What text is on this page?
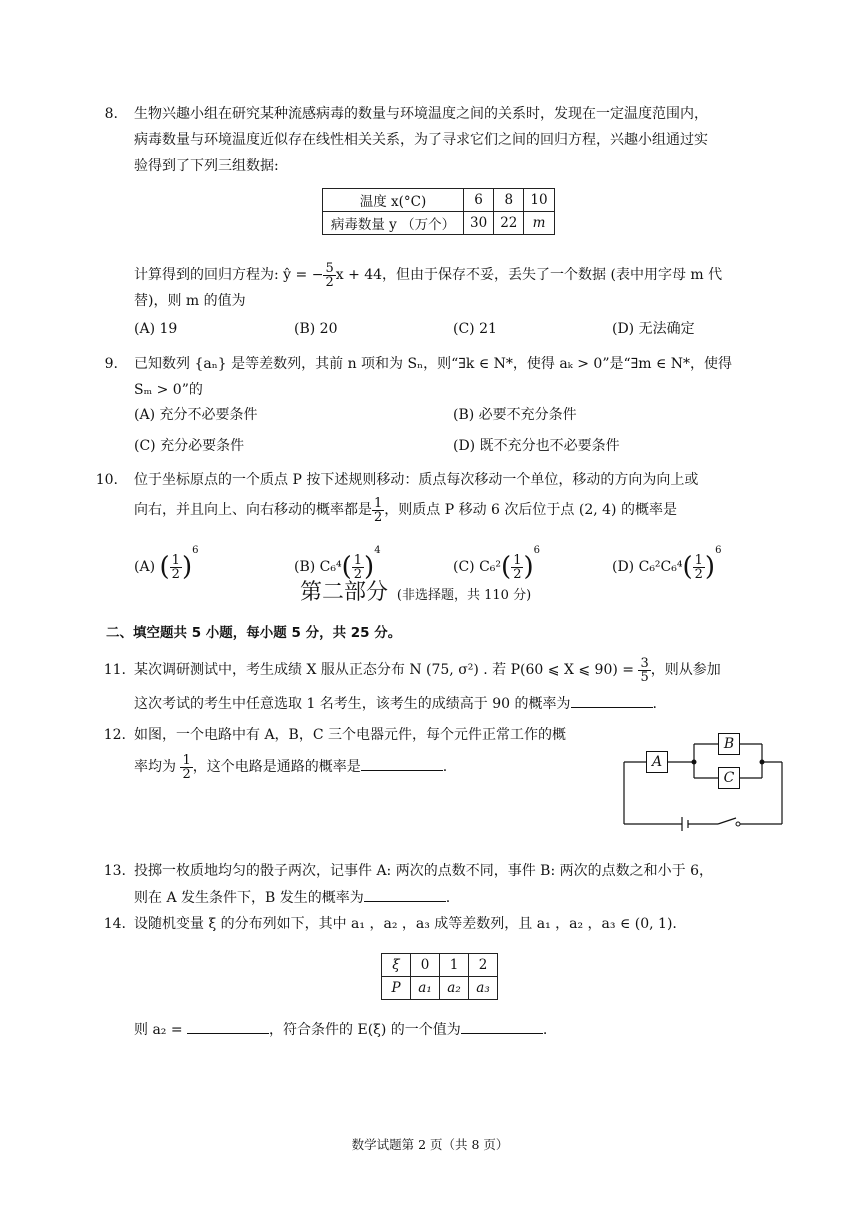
8. 生物兴趣小组在研究某种流感病毒的数量与环境温度之间的关系时，发现在一定温度范围内，
病毒数量与环境温度近似存在线性相关关系，为了寻求它们之间的回归方程，兴趣小组通过实
验得到了下列三组数据:
温度 x(°C)	6	8	10
病毒数量 y （万个）	30	22	m
计算得到的回归方程为: ŷ = − $\frac{5}{2}$ x + 44，但由于保存不妥，丢失了一个数据 (表中用字母 m 代
替)，则 m 的值为
(A) 19	(B) 20	(C) 21	(D) 无法确定
9. 已知数列 {aₙ} 是等差数列，其前 n 项和为 Sₙ，则“∃k ∈ N*，使得 aₖ > 0”是“∃m ∈ N*，使得
Sₘ > 0”的
(A) 充分不必要条件	(B) 必要不充分条件
(C) 充分必要条件	(D) 既不充分也不必要条件
10. 位于坐标原点的一个质点 P 按下述规则移动：质点每次移动一个单位，移动的方向为向上或
向右，并且向上、向右移动的概率都是 $\frac{1}{2}$ ，则质点 P 移动 6 次后位于点 (2, 4) 的概率是
(A) ( $\frac{1}{2} )^6$
(B) $C_6^4( \frac{1}{2} )^4$
(C) $C_6^2( \frac{1}{2} )^6$
(D) $C_6^2C_6^4( \frac{1}{2} )^6$
第二部分 (非选择题，共 110 分)
二、填空题共 5 小题，每小题 5 分，共 25 分。
11. 某次调研测试中，考生成绩 X 服从正态分布 N (75, σ²) . 若 P(60 ⩽ X ⩽ $90) = \frac{3}{5}$ ，则从参加
这次考试的考生中任意选取 1 名考生，该考生的成绩高于 90 的概率为	.
12. 如图，一个电路中有 A，B，C 三个电器元件，每个元件正常工作的概
率均为 $\frac{1}{2}$ ，这个电路是通路的概率是	.	A
B
C
13. 投掷一枚质地均匀的骰子两次，记事件 A: 两次的点数不同，事件 B: 两次的点数之和小于 6，
则在 A 发生条件下，B 发生的概率为	.
14. 设随机变量 ξ 的分布列如下，其中 a₁ ，a₂ ，a₃ 成等差数列，且 a₁ ，a₂ ，a₃ ∈ (0, 1).
ξ	0	1	2
P	a₁	a₂	a₃
则 a₂ =	，符合条件的 E(ξ) 的一个值为	.
数学试题第 2 页（共 8 页）
